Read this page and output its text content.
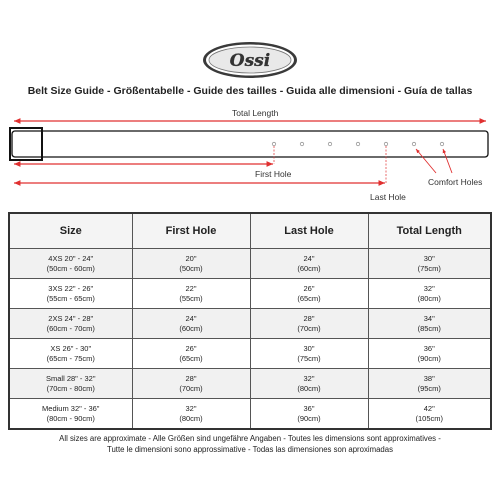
Ossi
Belt Size Guide - Größentabelle - Guide des tailles - Guida alle dimensioni - Guía de tallas
Total Length
First Hole
Last Hole
Comfort Holes
Size	First Hole	Last Hole	Total Length

4XS 20" - 24"
(50cm - 60cm)	20"
(50cm)	24"
(60cm)	30"
(75cm)

3XS 22" - 26"
(55cm - 65cm)	22"
(55cm)	26"
(65cm)	32"
(80cm)

2XS 24" - 28"
(60cm - 70cm)	24"
(60cm)	28"
(70cm)	34"
(85cm)

XS 26" - 30"
(65cm - 75cm)	26"
(65cm)	30"
(75cm)	36"
(90cm)

Small 28" - 32"
(70cm - 80cm)	28"
(70cm)	32"
(80cm)	38"
(95cm)

Medium 32" - 36"
(80cm - 90cm)	32"
(80cm)	36"
(90cm)	42"
(105cm)
All sizes are approximate - Alle Größen sind ungefähre Angaben - Toutes les dimensions sont approximatives -
Tutte le dimensioni sono approssimative - Todas las dimensiones son aproximadas
